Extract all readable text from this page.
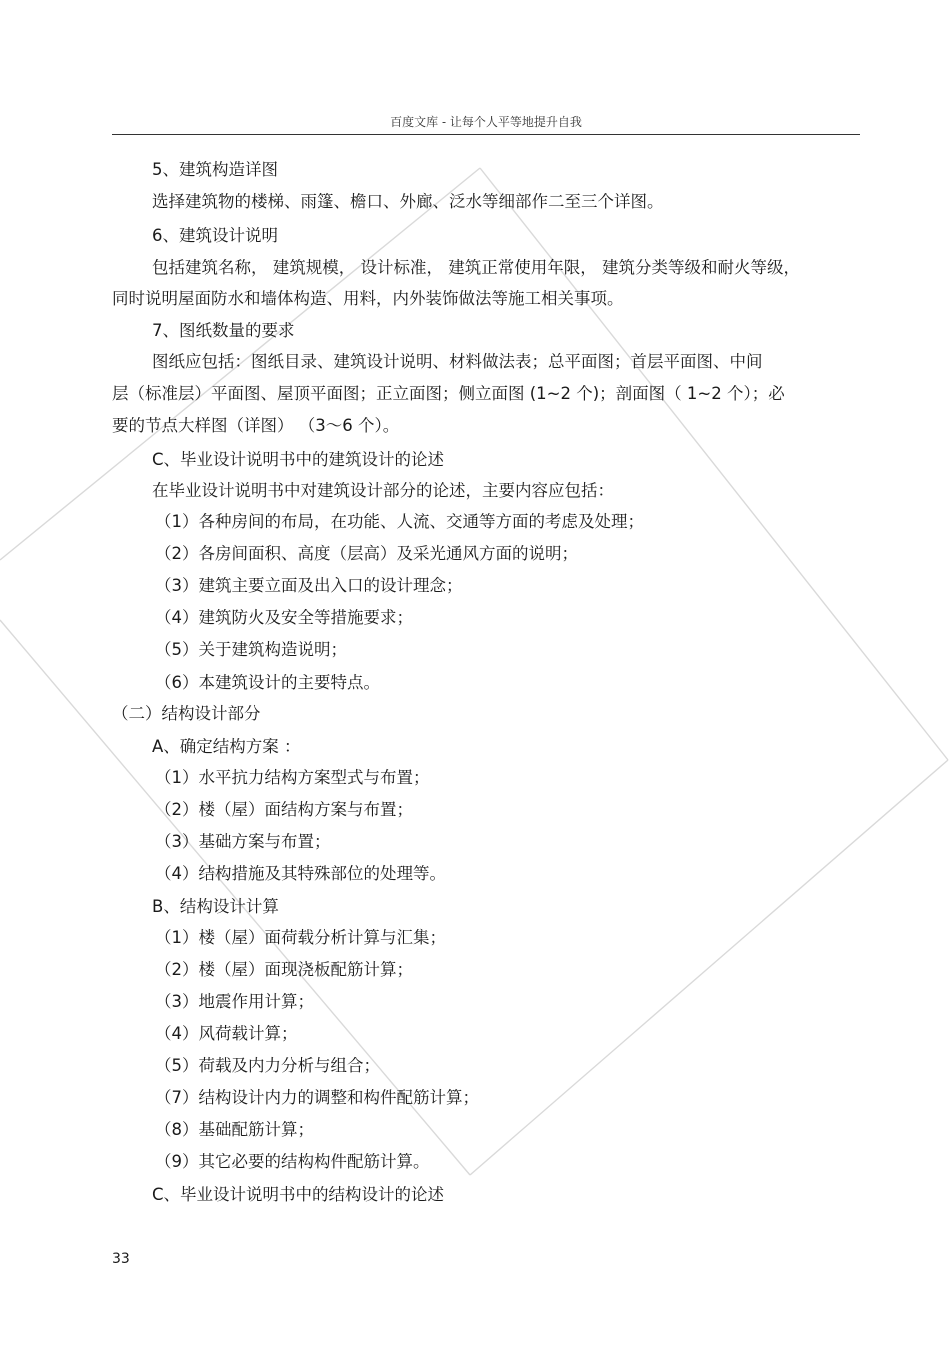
百度文库 - 让每个人平等地提升自我
5、建筑构造详图
选择建筑物的楼梯、雨篷、檐口、外廊、泛水等细部作二至三个详图。
6、建筑设计说明
包括建筑名称， 建筑规模， 设计标准， 建筑正常使用年限， 建筑分类等级和耐火等级，
同时说明屋面防水和墙体构造、用料，内外装饰做法等施工相关事项。
7、图纸数量的要求
图纸应包括：图纸目录、建筑设计说明、材料做法表；总平面图；首层平面图、中间
层（标准层）平面图、屋顶平面图；正立面图；侧立面图 (1~2 个)；剖面图（ 1~2 个）；必
要的节点大样图（详图） （3～6 个）。
C、毕业设计说明书中的建筑设计的论述
在毕业设计说明书中对建筑设计部分的论述，主要内容应包括：
（1）各种房间的布局，在功能、人流、交通等方面的考虑及处理；
（2）各房间面积、高度（层高）及采光通风方面的说明；
（3）建筑主要立面及出入口的设计理念；
（4）建筑防火及安全等措施要求；
（5）关于建筑构造说明；
（6）本建筑设计的主要特点。
（二）结构设计部分
A、确定结构方案 ：
（1）水平抗力结构方案型式与布置；
（2）楼（屋）面结构方案与布置；
（3）基础方案与布置；
（4）结构措施及其特殊部位的处理等。
B、结构设计计算
（1）楼（屋）面荷载分析计算与汇集；
（2）楼（屋）面现浇板配筋计算；
（3）地震作用计算；
（4）风荷载计算；
（5）荷载及内力分析与组合；
（7）结构设计内力的调整和构件配筋计算；
（8）基础配筋计算；
（9）其它必要的结构构件配筋计算。
C、毕业设计说明书中的结构设计的论述
33
